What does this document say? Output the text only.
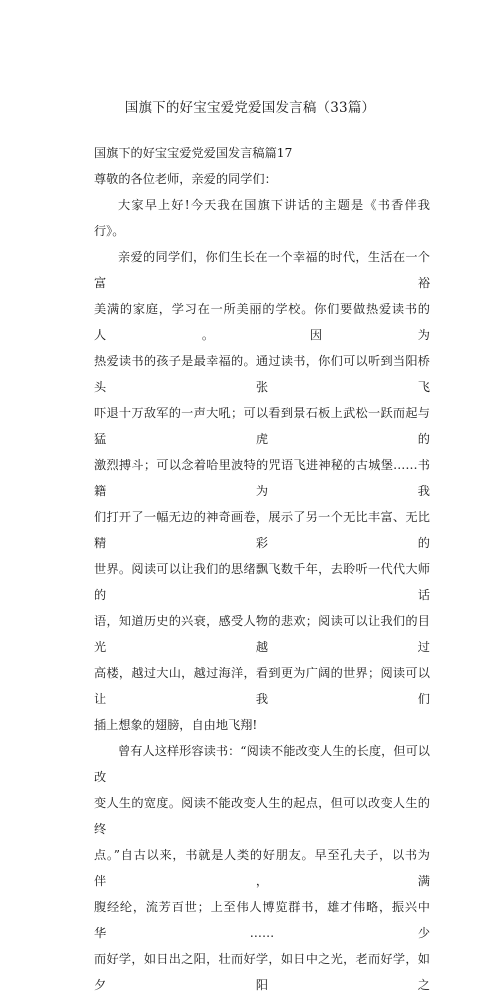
国旗下的好宝宝爱党爱国发言稿（33篇）

国旗下的好宝宝爱党爱国发言稿篇17

尊敬的各位老师，亲爱的同学们：

大家早上好!今天我在国旗下讲话的主题是《书香伴我行》。
亲爱的同学们，你们生长在一个幸福的时代，生活在一个富裕
美满的家庭，学习在一所美丽的学校。你们要做热爱读书的人。因为
热爱读书的孩子是最幸福的。通过读书，你们可以听到当阳桥头张飞
吓退十万敌军的一声大吼；可以看到景石板上武松一跃而起与猛虎的
激烈搏斗；可以念着哈里波特的咒语飞进神秘的古城堡……书籍为我
们打开了一幅无边的神奇画卷，展示了另一个无比丰富、无比精彩的
世界。阅读可以让我们的思绪飘飞数千年，去聆听一代代大师的话
语，知道历史的兴衰，感受人物的悲欢；阅读可以让我们的目光越过
高楼，越过大山，越过海洋，看到更为广阔的世界；阅读可以让我们
插上想象的翅膀，自由地飞翔!
曾有人这样形容读书：“阅读不能改变人生的长度，但可以改
变人生的宽度。阅读不能改变人生的起点，但可以改变人生的终
点。”自古以来，书就是人类的好朋友。早至孔夫子，以书为伴，满
腹经纶，流芳百世；上至伟人博览群书，雄才伟略，振兴中华……少
而好学，如日出之阳，壮而好学，如日中之光，老而好学，如夕阳之
